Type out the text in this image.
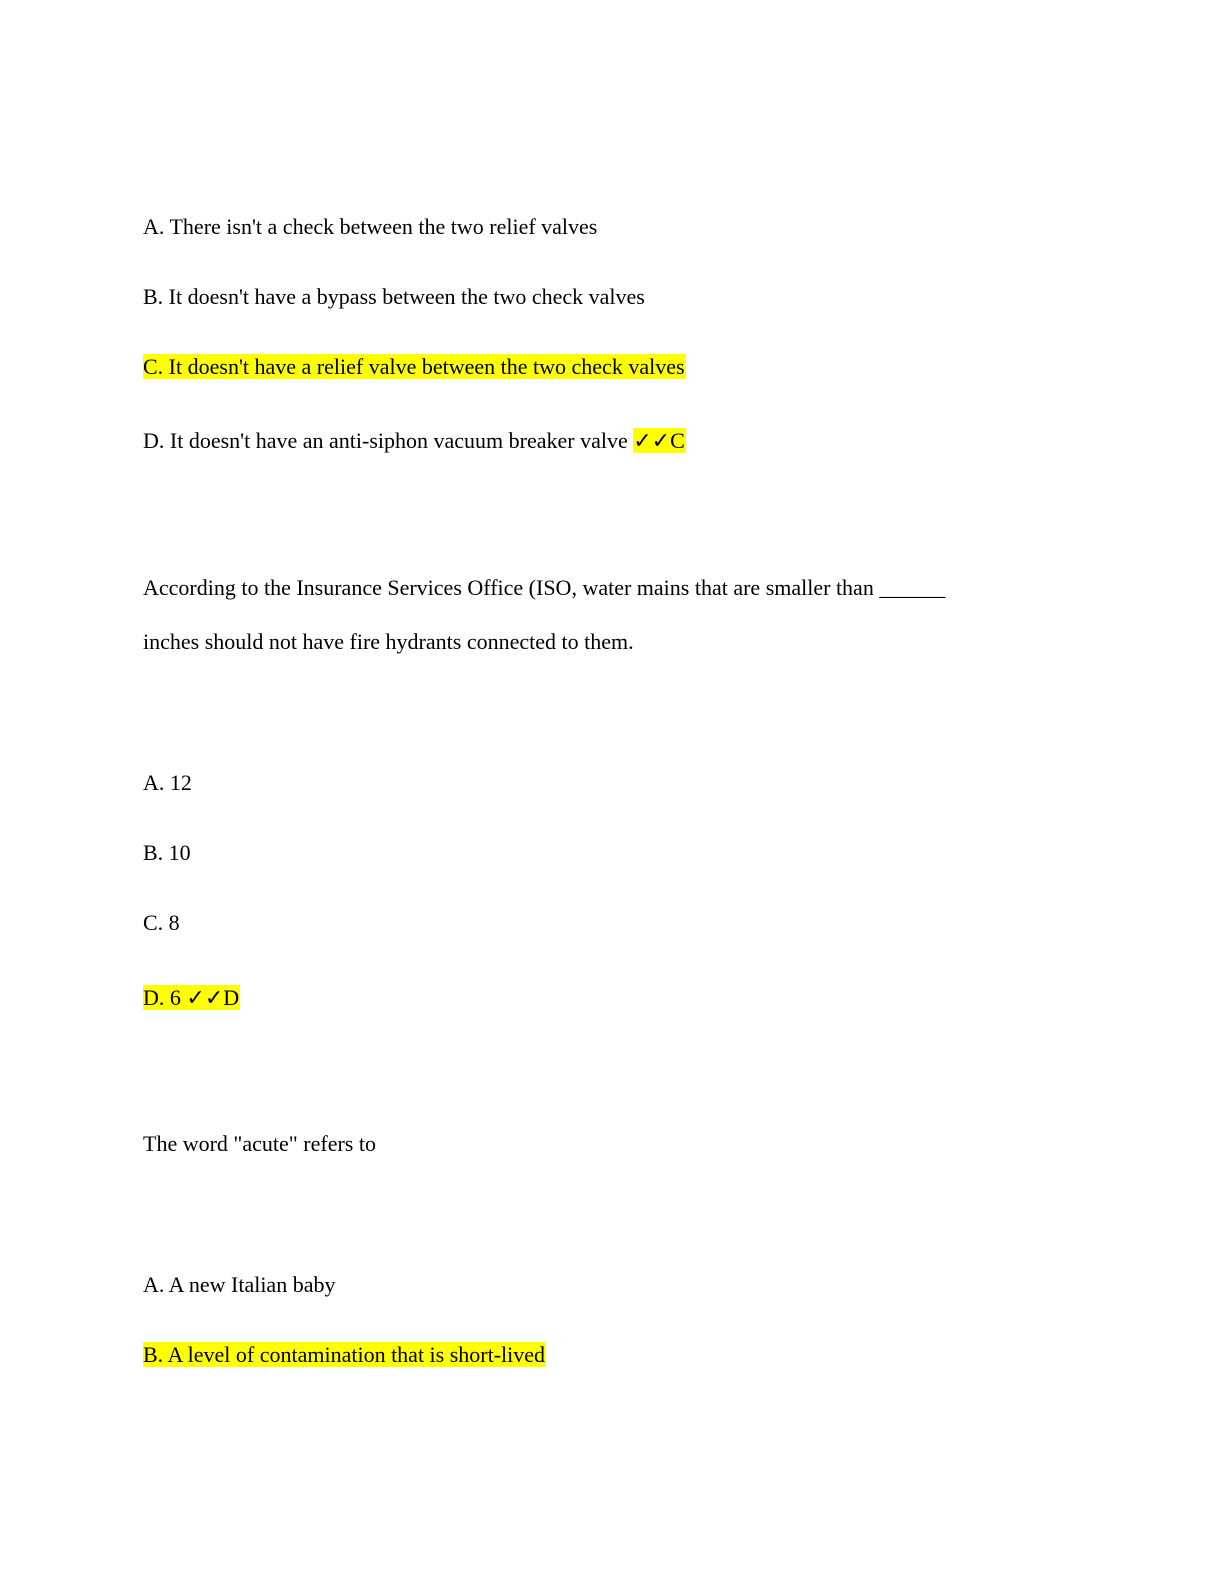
A. There isn't a check between the two relief valves
B. It doesn't have a bypass between the two check valves
C. It doesn't have a relief valve between the two check valves
D. It doesn't have an anti-siphon vacuum breaker valve ✓✓C
According to the Insurance Services Office (ISO, water mains that are smaller than ______
inches should not have fire hydrants connected to them.
A. 12
B. 10
C. 8
D. 6 ✓✓D
The word "acute" refers to
A. A new Italian baby
B. A level of contamination that is short-lived
